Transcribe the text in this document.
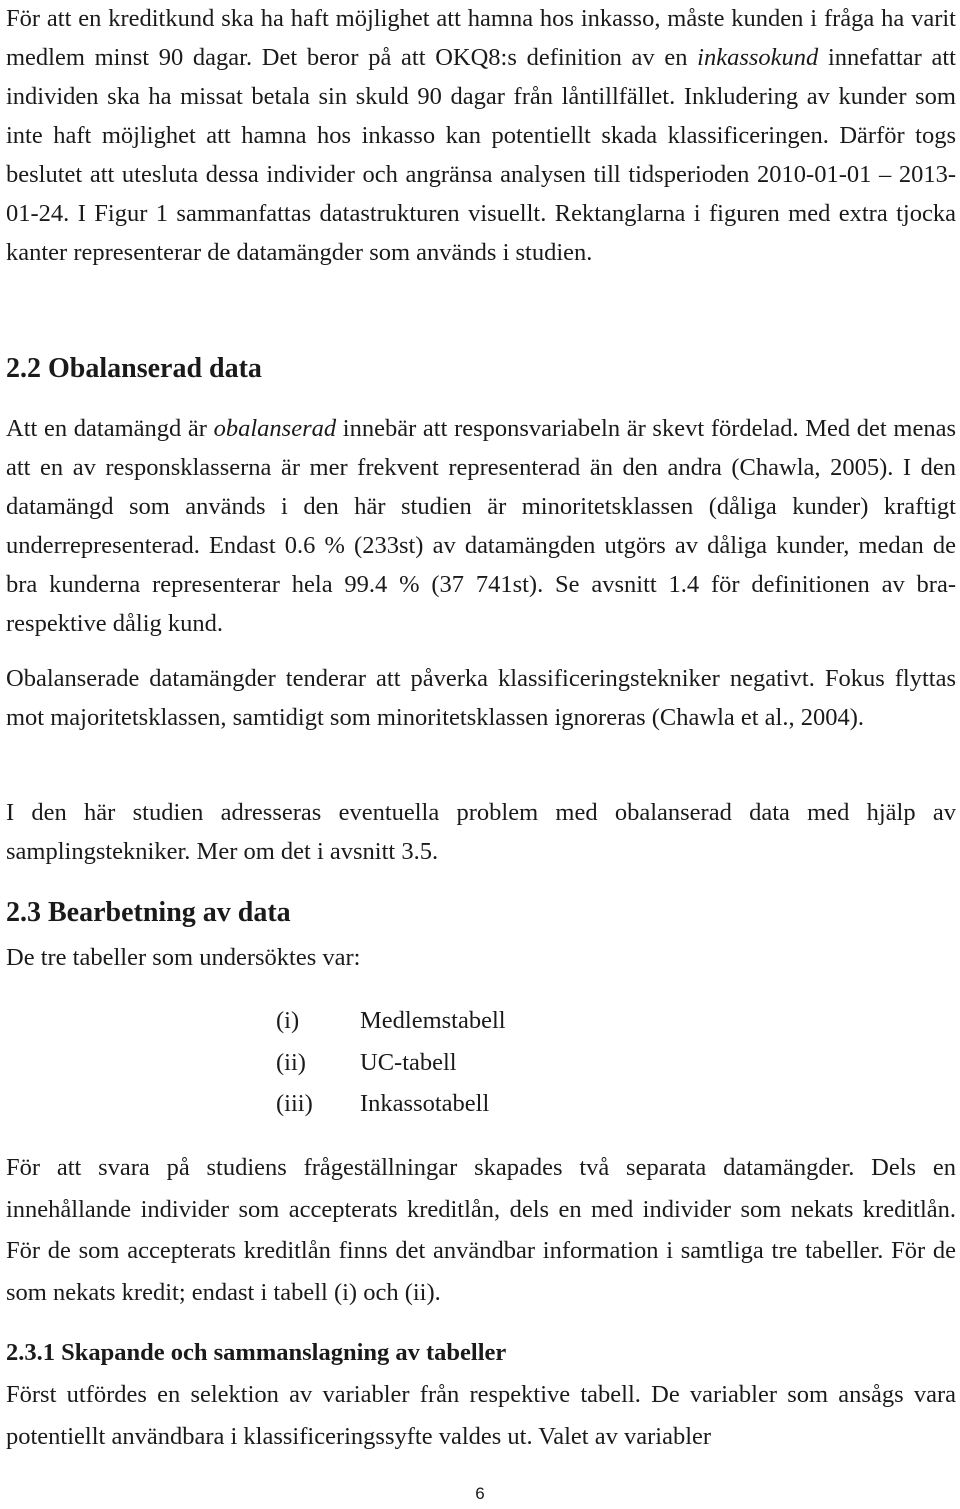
För att en kreditkund ska ha haft möjlighet att hamna hos inkasso, måste kunden i fråga ha varit medlem minst 90 dagar. Det beror på att OKQ8:s definition av en inkassokund innefattar att individen ska ha missat betala sin skuld 90 dagar från låntillfället. Inkludering av kunder som inte haft möjlighet att hamna hos inkasso kan potentiellt skada klassificeringen. Därför togs beslutet att utesluta dessa individer och angränsa analysen till tidsperioden 2010-01-01 – 2013-01-24. I Figur 1 sammanfattas datastrukturen visuellt. Rektanglarna i figuren med extra tjocka kanter representerar de datamängder som används i studien.

2.2 Obalanserad data

Att en datamängd är obalanserad innebär att responsvariabeln är skevt fördelad. Med det menas att en av responsklasserna är mer frekvent representerad än den andra (Chawla, 2005). I den datamängd som används i den här studien är minoritetsklassen (dåliga kunder) kraftigt underrepresenterad. Endast 0.6 % (233st) av datamängden utgörs av dåliga kunder, medan de bra kunderna representerar hela 99.4 % (37 741st). Se avsnitt 1.4 för definitionen av bra- respektive dålig kund.

Obalanserade datamängder tenderar att påverka klassificeringstekniker negativt. Fokus flyttas mot majoritetsklassen, samtidigt som minoritetsklassen ignoreras (Chawla et al., 2004).

I den här studien adresseras eventuella problem med obalanserad data med hjälp av samplingstekniker. Mer om det i avsnitt 3.5.

2.3 Bearbetning av data

De tre tabeller som undersöktes var:

(i)	Medlemstabell
(ii)	UC-tabell
(iii)	Inkassotabell

För att svara på studiens frågeställningar skapades två separata datamängder. Dels en innehållande individer som accepterats kreditlån, dels en med individer som nekats kreditlån. För de som accepterats kreditlån finns det användbar information i samtliga tre tabeller. För de som nekats kredit; endast i tabell (i) och (ii).

2.3.1 Skapande och sammanslagning av tabeller

Först utfördes en selektion av variabler från respektive tabell. De variabler som ansågs vara potentiellt användbara i klassificeringssyfte valdes ut. Valet av variabler

6
